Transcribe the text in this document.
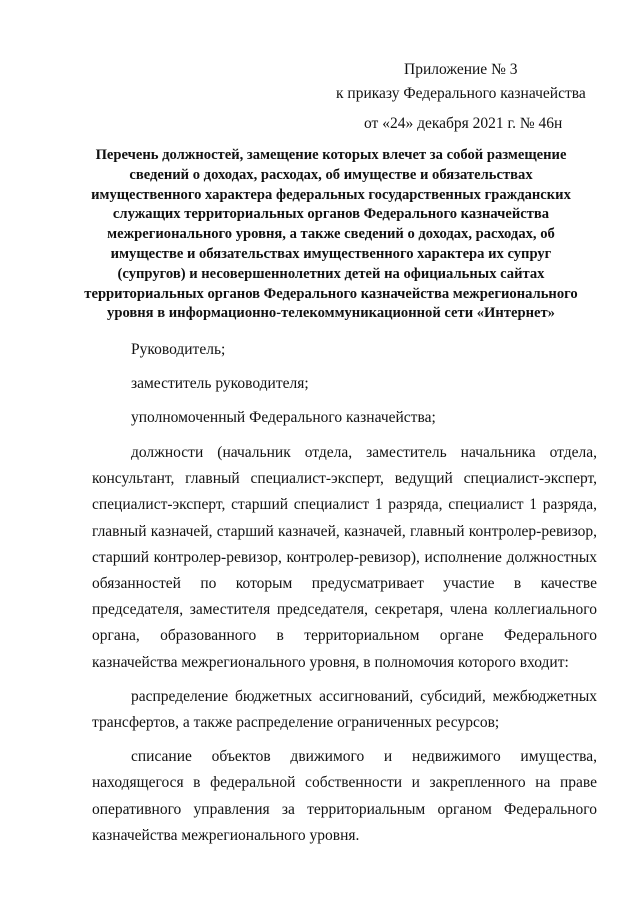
Приложение № 3
к приказу Федерального казначейства
от «24» декабря 2021 г. № 46н
Перечень должностей, замещение которых влечет за собой размещение сведений о доходах, расходах, об имуществе и обязательствах имущественного характера федеральных государственных гражданских служащих территориальных органов Федерального казначейства межрегионального уровня, а также сведений о доходах, расходах, об имуществе и обязательствах имущественного характера их супруг (супругов) и несовершеннолетних детей на официальных сайтах территориальных органов Федерального казначейства межрегионального уровня в информационно-телекоммуникационной сети «Интернет»

Руководитель;

заместитель руководителя;

уполномоченный Федерального казначейства;

должности (начальник отдела, заместитель начальника отдела, консультант, главный специалист-эксперт, ведущий специалист-эксперт, специалист-эксперт, старший специалист 1 разряда, специалист 1 разряда, главный казначей, старший казначей, казначей, главный контролер-ревизор, старший контролер-ревизор, контролер-ревизор), исполнение должностных обязанностей по которым предусматривает участие в качестве председателя, заместителя председателя, секретаря, члена коллегиального органа, образованного в территориальном органе Федерального казначейства межрегионального уровня, в полномочия которого входит:

распределение бюджетных ассигнований, субсидий, межбюджетных трансфертов, а также распределение ограниченных ресурсов;

списание объектов движимого и недвижимого имущества, находящегося в федеральной собственности и закрепленного на праве оперативного управления за территориальным органом Федерального казначейства межрегионального уровня.
